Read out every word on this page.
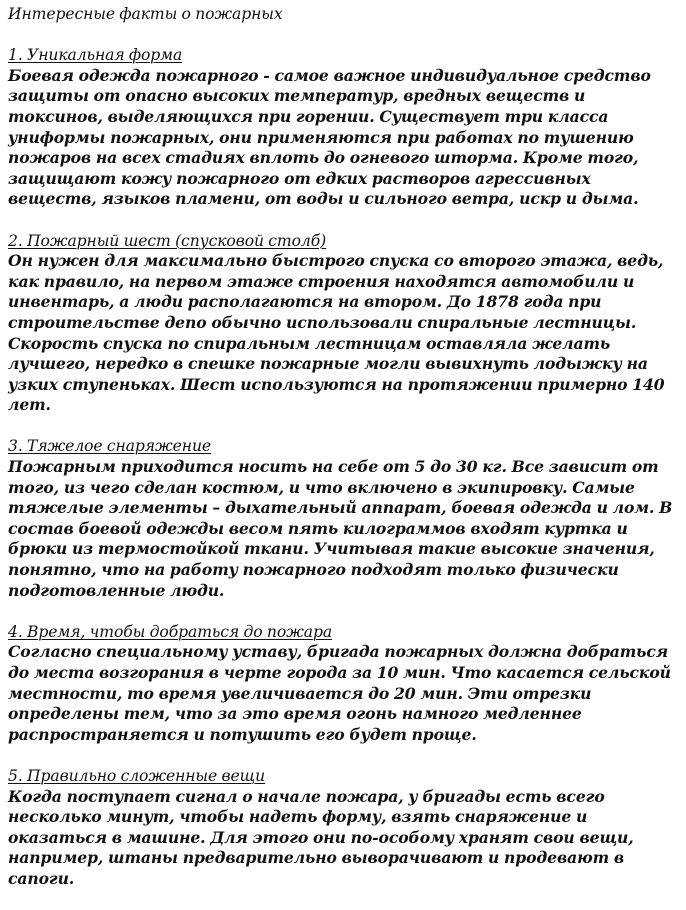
Интересные факты о пожарных

1. Уникальная форма

Боевая одежда пожарного - самое важное индивидуальное средство защиты от опасно высоких температур, вредных веществ и токсинов, выделяющихся при горении. Существует три класса униформы пожарных, они применяются при работах по тушению пожаров на всех стадиях вплоть до огневого шторма. Кроме того, защищают кожу пожарного от едких растворов агрессивных веществ, языков пламени, от воды и сильного ветра, искр и дыма.

2. Пожарный шест (спусковой столб)

Он нужен для максимально быстрого спуска со второго этажа, ведь, как правило, на первом этаже строения находятся автомобили и инвентарь, а люди располагаются на втором. До 1878 года при строительстве депо обычно использовали спиральные лестницы. Скорость спуска по спиральным лестницам оставляла желать лучшего, нередко в спешке пожарные могли вывихнуть лодыжку на узких ступеньках. Шест используются на протяжении примерно 140 лет.

3. Тяжелое снаряжение

Пожарным приходится носить на себе от 5 до 30 кг. Все зависит от того, из чего сделан костюм, и что включено в экипировку. Самые тяжелые элементы – дыхательный аппарат, боевая одежда и лом. В состав боевой одежды весом пять килограммов входят куртка и брюки из термостойкой ткани. Учитывая такие высокие значения, понятно, что на работу пожарного подходят только физически подготовленные люди.

4. Время, чтобы добраться до пожара

Согласно специальному уставу, бригада пожарных должна добраться до места возгорания в черте города за 10 мин. Что касается сельской местности, то время увеличивается до 20 мин. Эти отрезки определены тем, что за это время огонь намного медленнее распространяется и потушить его будет проще.

5. Правильно сложенные вещи

Когда поступает сигнал о начале пожара, у бригады есть всего несколько минут, чтобы надеть форму, взять снаряжение и оказаться в машине. Для этого они по-особому хранят свои вещи, например, штаны предварительно выворачивают и продевают в сапоги.
